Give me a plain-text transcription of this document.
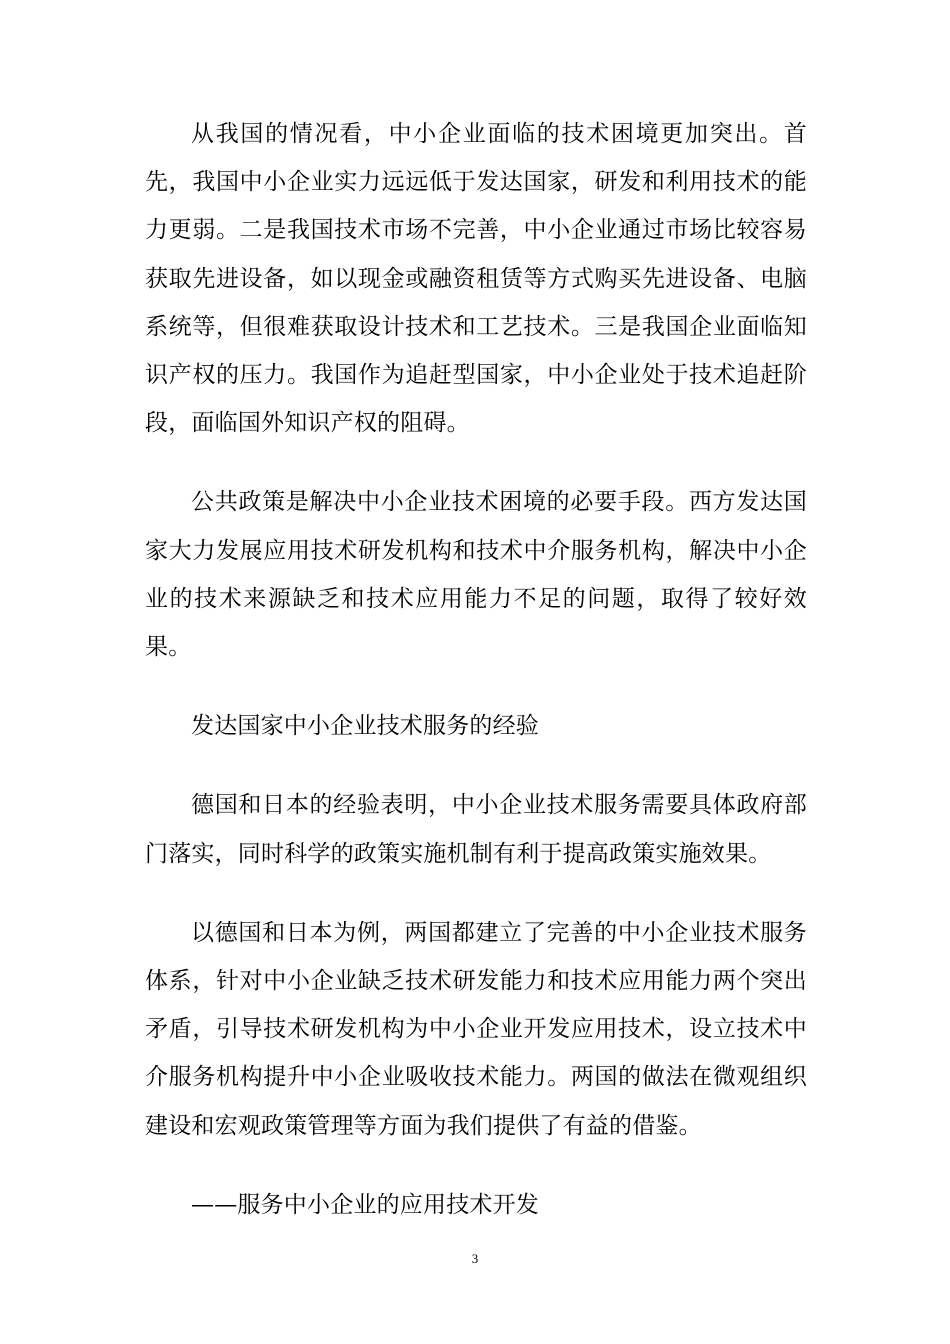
从我国的情况看，中小企业面临的技术困境更加突出。首先，我国中小企业实力远远低于发达国家，研发和利用技术的能力更弱。二是我国技术市场不完善，中小企业通过市场比较容易获取先进设备，如以现金或融资租赁等方式购买先进设备、电脑系统等，但很难获取设计技术和工艺技术。三是我国企业面临知识产权的压力。我国作为追赶型国家，中小企业处于技术追赶阶段，面临国外知识产权的阻碍。

公共政策是解决中小企业技术困境的必要手段。西方发达国家大力发展应用技术研发机构和技术中介服务机构，解决中小企业的技术来源缺乏和技术应用能力不足的问题，取得了较好效果。

发达国家中小企业技术服务的经验

德国和日本的经验表明，中小企业技术服务需要具体政府部门落实，同时科学的政策实施机制有利于提高政策实施效果。

以德国和日本为例，两国都建立了完善的中小企业技术服务体系，针对中小企业缺乏技术研发能力和技术应用能力两个突出矛盾，引导技术研发机构为中小企业开发应用技术，设立技术中介服务机构提升中小企业吸收技术能力。两国的做法在微观组织建设和宏观政策管理等方面为我们提供了有益的借鉴。

——服务中小企业的应用技术开发

3
